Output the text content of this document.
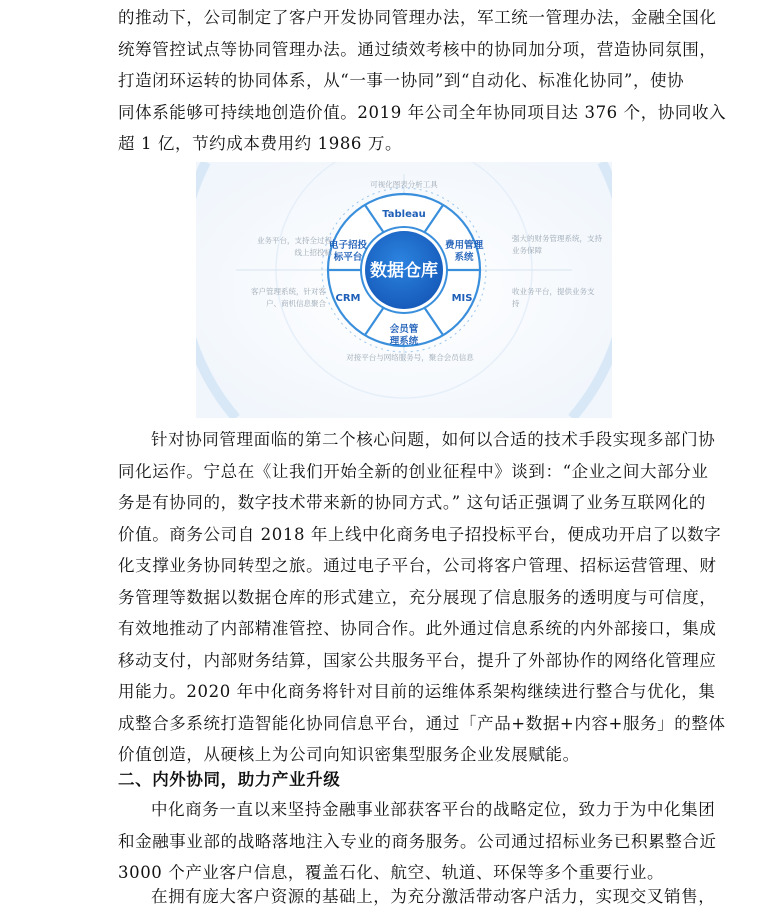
的推动下，公司制定了客户开发协同管理办法，军工统一管理办法，金融全国化
统筹管控试点等协同管理办法。通过绩效考核中的协同加分项，营造协同氛围，
打造闭环运转的协同体系，从“一事一协同”到“自动化、标准化协同”，使协
同体系能够可持续地创造价值。2019 年公司全年协同项目达 376 个，协同收入
超 1 亿，节约成本费用约 1986 万。
数据仓库
Tableau
费用管理
系统
MIS
会员管
理系统
CRM
电子招投
标平台
可视化图表分析工具
强大的财务管理系统，支持
业务保障
收业务平台，提供业务支
持
对接平台与网络服务号，聚合会员信息
客户管理系统，针对客
户、商机信息聚合
业务平台，支持全过程
线上招投标
针对协同管理面临的第二个核心问题，如何以合适的技术手段实现多部门协
同化运作。宁总在《让我们开始全新的创业征程中》谈到：“企业之间大部分业
务是有协同的，数字技术带来新的协同方式。” 这句话正强调了业务互联网化的
价值。商务公司自 2018 年上线中化商务电子招投标平台，便成功开启了以数字
化支撑业务协同转型之旅。通过电子平台，公司将客户管理、招标运营管理、财
务管理等数据以数据仓库的形式建立，充分展现了信息服务的透明度与可信度，
有效地推动了内部精准管控、协同合作。此外通过信息系统的内外部接口，集成
移动支付，内部财务结算，国家公共服务平台，提升了外部协作的网络化管理应
用能力。2020 年中化商务将针对目前的运维体系架构继续进行整合与优化，集
成整合多系统打造智能化协同信息平台，通过「产品+数据+内容+服务」的整体
价值创造，从硬核上为公司向知识密集型服务企业发展赋能。
二、内外协同，助力产业升级
中化商务一直以来坚持金融事业部获客平台的战略定位，致力于为中化集团
和金融事业部的战略落地注入专业的商务服务。公司通过招标业务已积累整合近
3000 个产业客户信息，覆盖石化、航空、轨道、环保等多个重要行业。
在拥有庞大客户资源的基础上，为充分激活带动客户活力，实现交叉销售，
